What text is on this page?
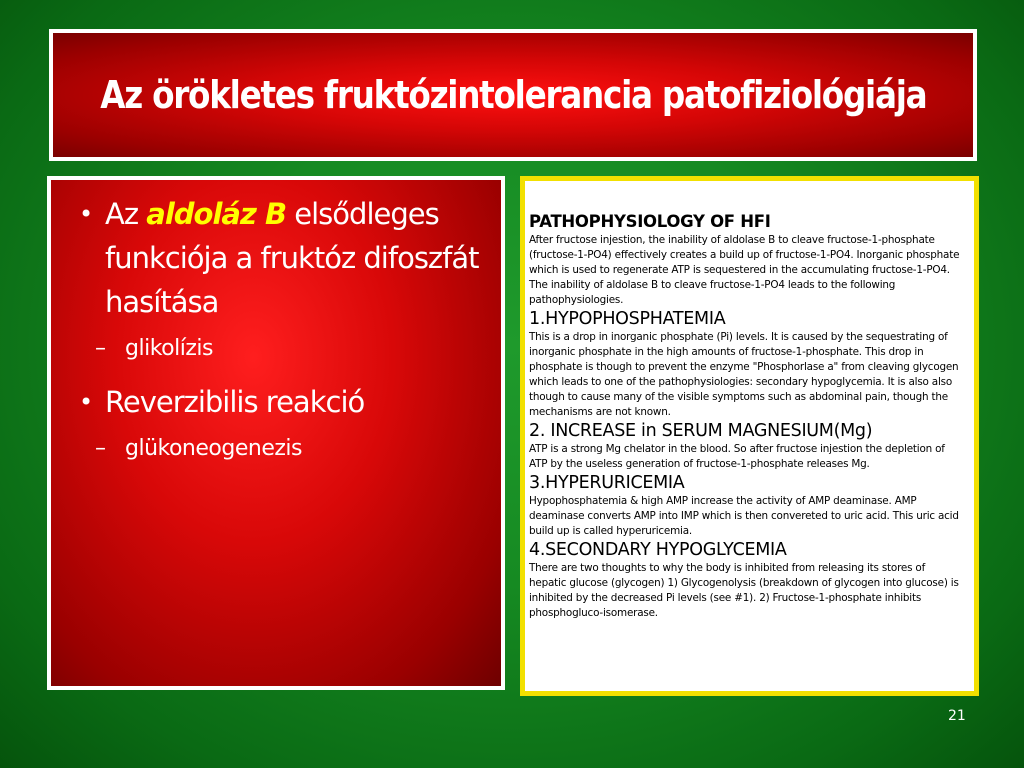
Az örökletes fruktózintolerancia patofiziológiája
• Az aldoláz B elsődleges funkciója a fruktóz difoszfát hasítása
– glikolízis
• Reverzibilis reakció
– glükoneogenezis
PATHOPHYSIOLOGY OF HFI
After fructose injestion, the inability of aldolase B to cleave fructose-1-phosphate (fructose-1-PO4) effectively creates a build up of fructose-1-PO4. Inorganic phosphate which is used to regenerate ATP is sequestered in the accumulating fructose-1-PO4. The inability of aldolase B to cleave fructose-1-PO4 leads to the following pathophysiologies.
1.HYPOPHOSPHATEMIA
This is a drop in inorganic phosphate (Pi) levels. It is caused by the sequestrating of inorganic phosphate in the high amounts of fructose-1-phosphate. This drop in phosphate is though to prevent the enzyme "Phosphorlase a" from cleaving glycogen which leads to one of the pathophysiologies: secondary hypoglycemia. It is also also though to cause many of the visible symptoms such as abdominal pain, though the mechanisms are not known.
2. INCREASE in SERUM MAGNESIUM(Mg)
ATP is a strong Mg chelator in the blood. So after fructose injestion the depletion of ATP by the useless generation of fructose-1-phosphate releases Mg.
3.HYPERURICEMIA
Hypophosphatemia & high AMP increase the activity of AMP deaminase. AMP deaminase converts AMP into IMP which is then convereted to uric acid. This uric acid build up is called hyperuricemia.
4.SECONDARY HYPOGLYCEMIA
There are two thoughts to why the body is inhibited from releasing its stores of hepatic glucose (glycogen) 1) Glycogenolysis (breakdown of glycogen into glucose) is inhibited by the decreased Pi levels (see #1). 2) Fructose-1-phosphate inhibits phosphogluco-isomerase.
21
